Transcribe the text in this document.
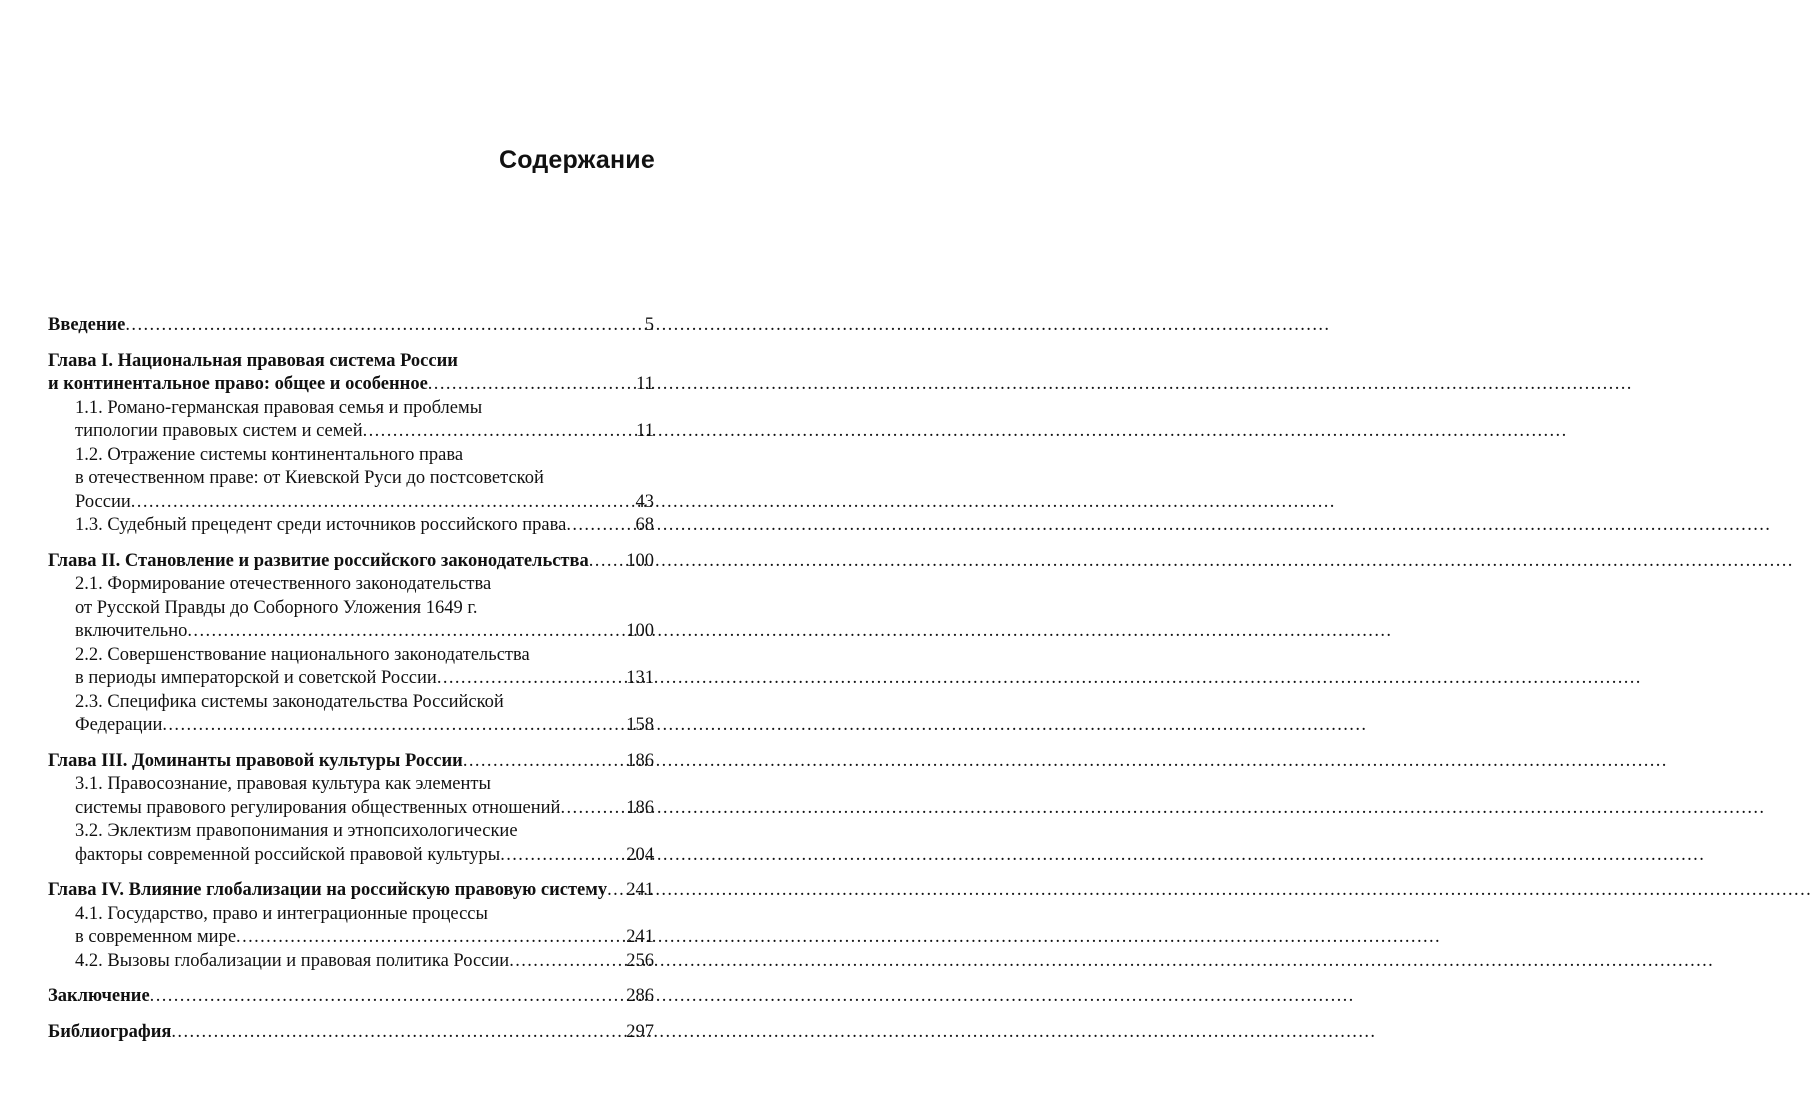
Содержание

Введение .....	5

Глава I. Национальная правовая система России
и континентальное право: общее и особенное .....	11

1.1. Романо-германская правовая семья и проблемы
типологии правовых систем и семей .....	11

1.2. Отражение системы континентального права
в отечественном праве: от Киевской Руси до постсоветской
России .....	43

1.3. Судебный прецедент среди источников российского права .....	68

Глава II. Становление и развитие российского законодательства ..... 100

2.1. Формирование отечественного законодательства
от Русской Правды до Соборного Уложения 1649 г.
включительно .....	100

2.2. Совершенствование национального законодательства
в периоды императорской и советской России .....	131

2.3. Специфика системы законодательства Российской
Федерации .....	158

Глава III. Доминанты правовой культуры России .....	186

3.1. Правосознание, правовая культура как элементы
системы правового регулирования общественных отношений .....	186

3.2. Эклектизм правопонимания и этнопсихологические
факторы современной российской правовой культуры .....	204

Глава IV. Влияние глобализации на российскую правовую систему ..... 241

4.1. Государство, право и интеграционные процессы
в современном мире .....	241

4.2. Вызовы глобализации и правовая политика России .....	256

Заключение .....	286

Библиография .....	297
